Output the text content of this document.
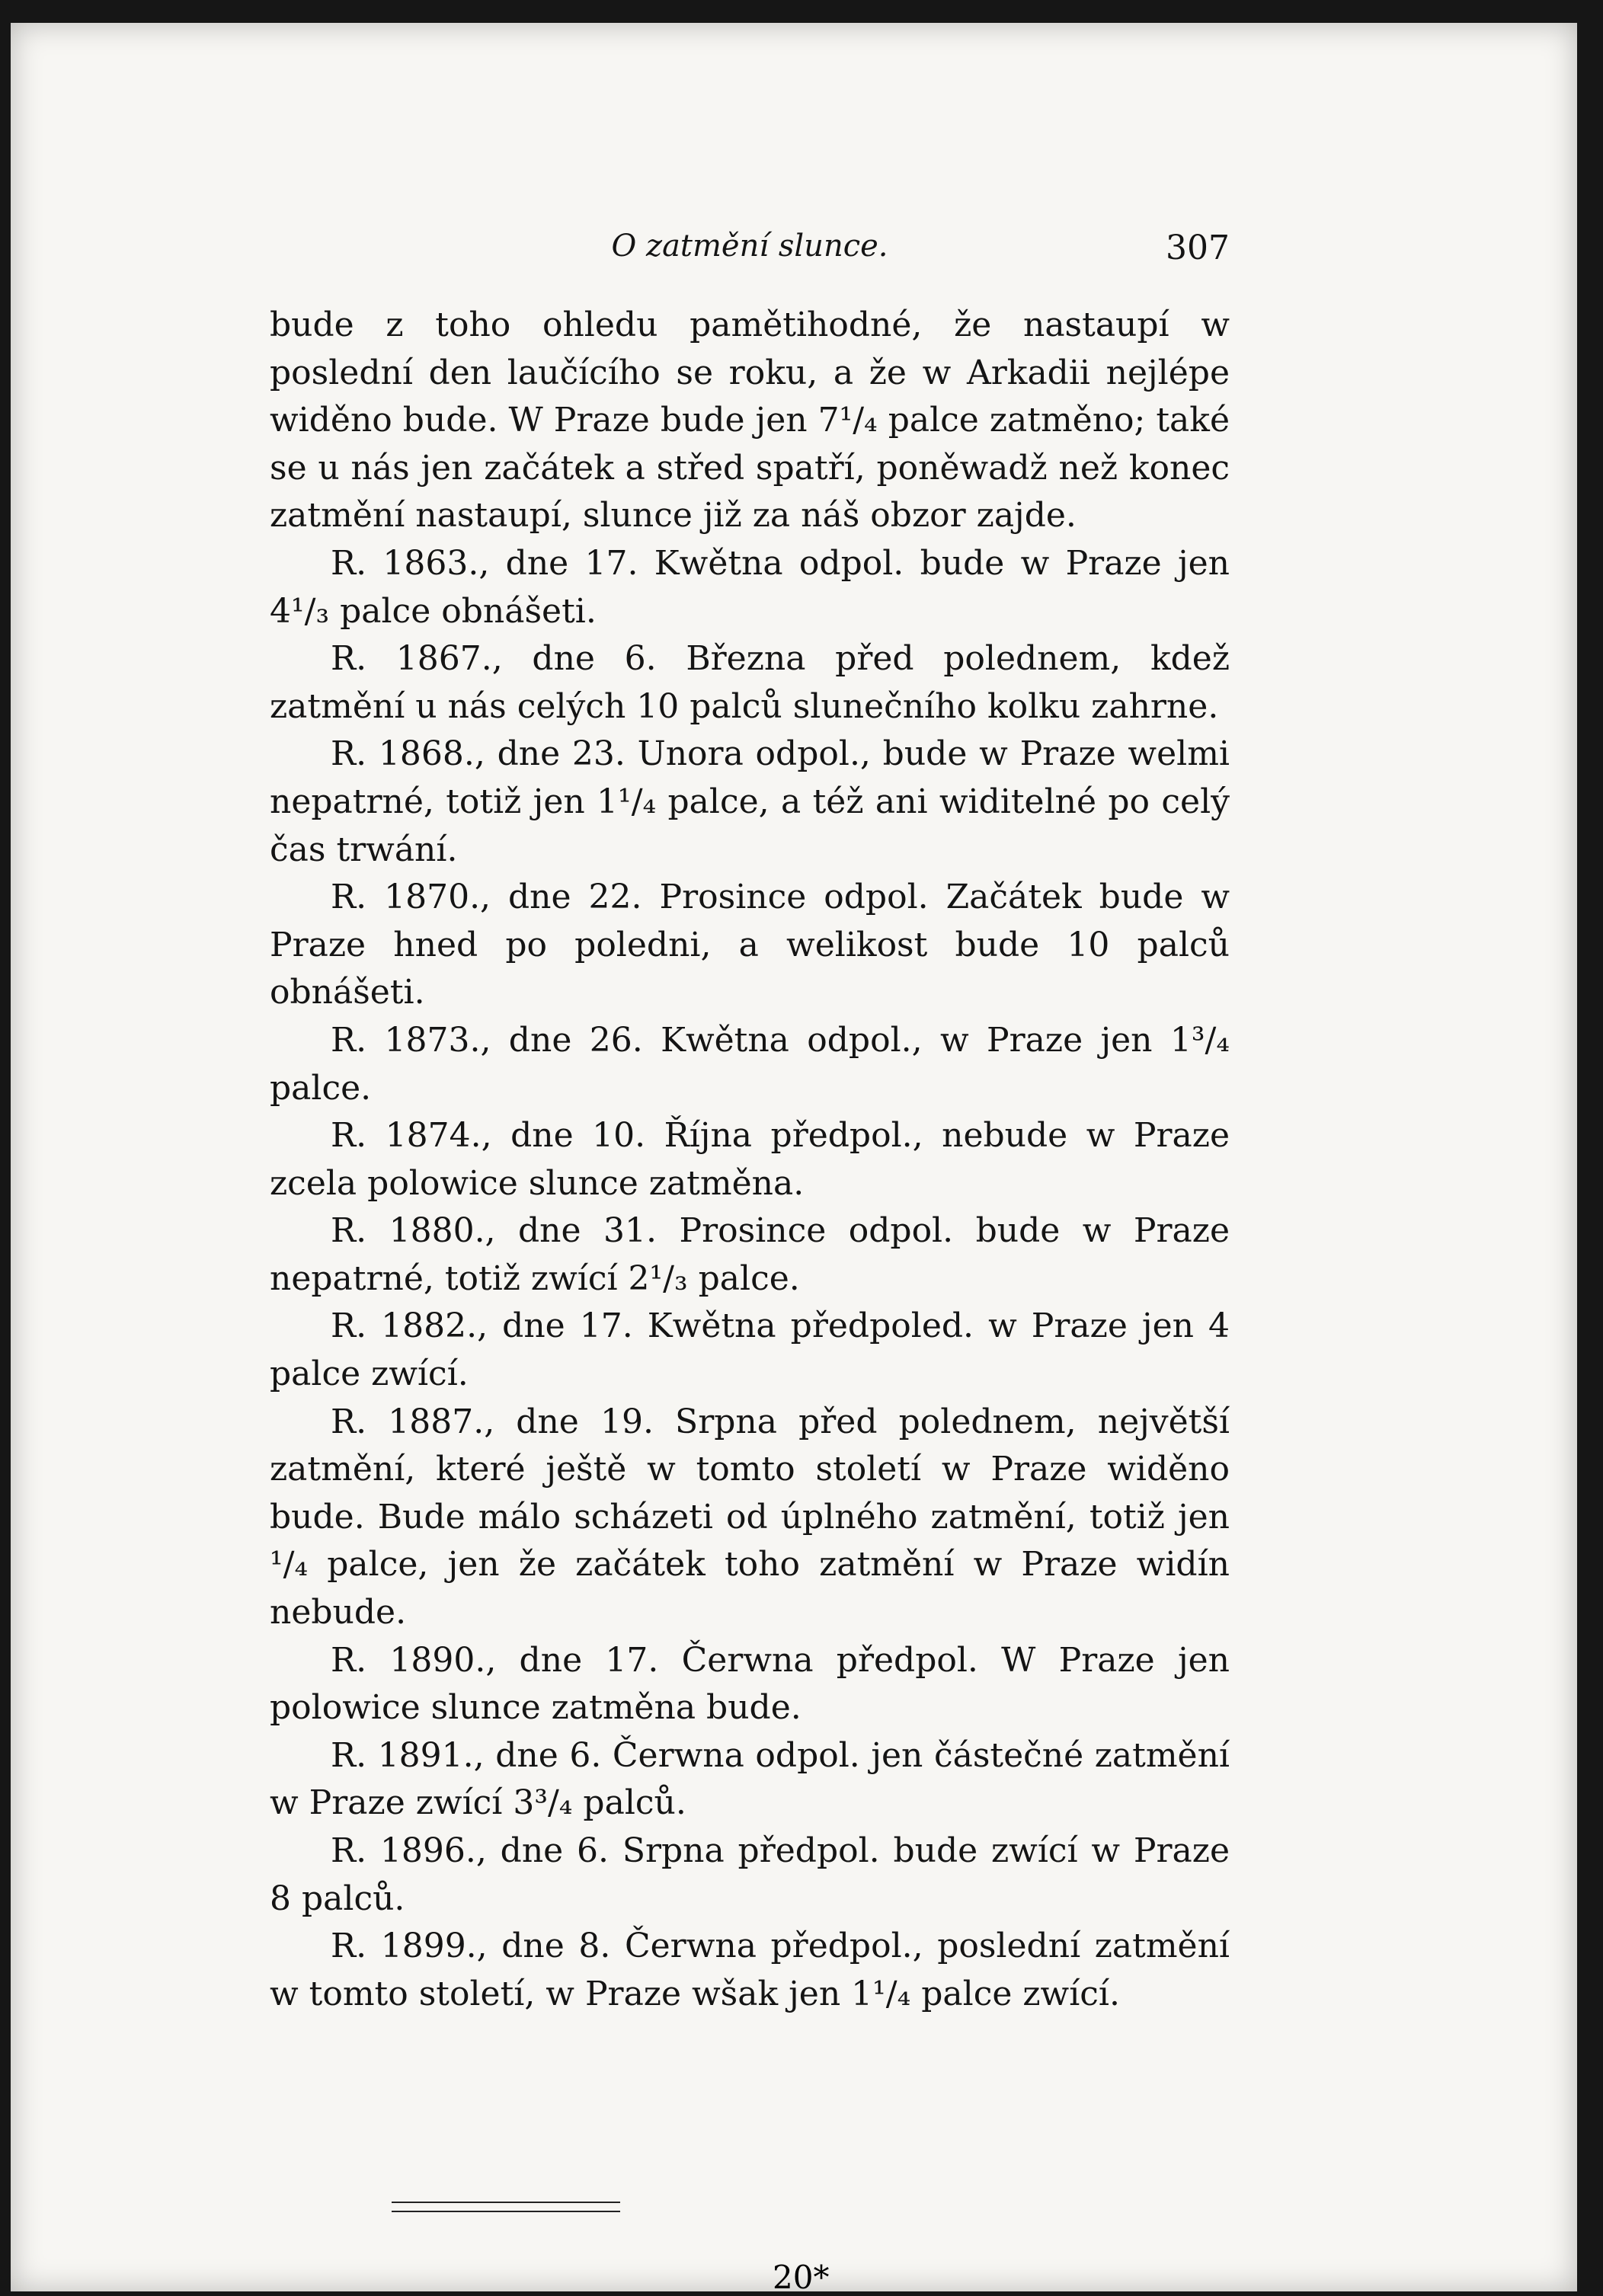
O zatmění slunce.	307

bude z toho ohledu pamětihodné, že nastaupí w poslední den laučícího se roku, a že w Arkadii nejlépe widěno bude. W Praze bude jen 7¹/₄ palce zatměno; také se u nás jen začátek a střed spatří, poněwadž než konec zatmění nastaupí, slunce již za náš obzor zajde.

R. 1863., dne 17. Kwětna odpol. bude w Praze jen 4¹/₃ palce obnášeti.

R. 1867., dne 6. Března před polednem, kdež zatmění u nás celých 10 palců slunečního kolku zahrne.

R. 1868., dne 23. Unora odpol., bude w Praze welmi nepatrné, totiž jen 1¹/₄ palce, a též ani widitelné po celý čas trwání.

R. 1870., dne 22. Prosince odpol. Začátek bude w Praze hned po poledni, a welikost bude 10 palců obnášeti.

R. 1873., dne 26. Kwětna odpol., w Praze jen 1³/₄ palce.

R. 1874., dne 10. Října předpol., nebude w Praze zcela polowice slunce zatměna.

R. 1880., dne 31. Prosince odpol. bude w Praze nepatrné, totiž zwící 2¹/₃ palce.

R. 1882., dne 17. Kwětna předpoled. w Praze jen 4 palce zwící.

R. 1887., dne 19. Srpna před polednem, největší zatmění, které ještě w tomto století w Praze widěno bude. Bude málo scházeti od úplného zatmění, totiž jen ¹/₄ palce, jen že začátek toho zatmění w Praze widín nebude.

R. 1890., dne 17. Čerwna předpol. W Praze jen polowice slunce zatměna bude.

R. 1891., dne 6. Čerwna odpol. jen částečné zatmění w Praze zwící 3³/₄ palců.

R. 1896., dne 6. Srpna předpol. bude zwící w Praze 8 palců.

R. 1899., dne 8. Čerwna předpol., poslední zatmění w tomto století, w Praze wšak jen 1¹/₄ palce zwící.

20*
